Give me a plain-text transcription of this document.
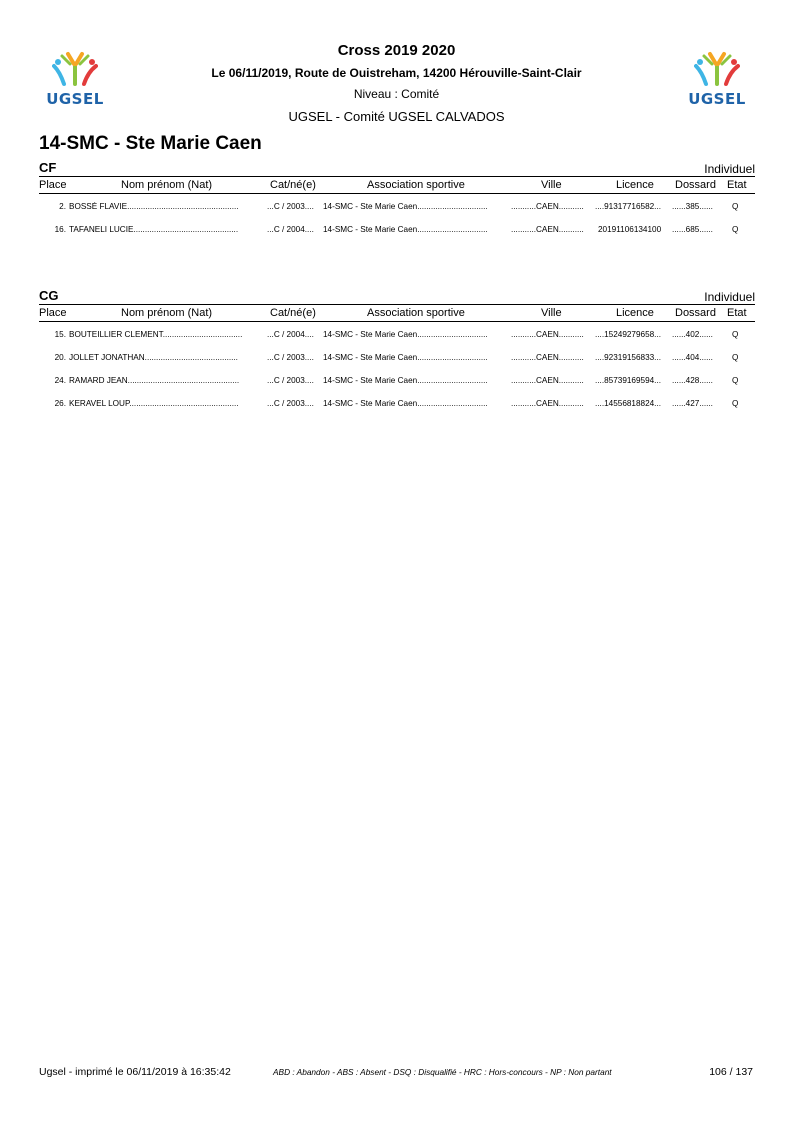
UGSEL	UGSEL
Cross 2019 2020
Le 06/11/2019, Route de Ouistreham, 14200 Hérouville-Saint-Clair
Niveau : Comité
UGSEL - Comité UGSEL CALVADOS
14-SMC - Ste Marie Caen
CF	Individuel
Place	Nom prénom (Nat)	Cat/né(e)	Association sportive	Ville	Licence Dossard Etat
2. BOSSÉ FLAVIE.................................................	...C / 2003....	14-SMC - Ste Marie Caen...............................	...........CAEN...........	....91317716582...	......385......	Q
16. TAFANELI LUCIE..............................................	...C / 2004....	14-SMC - Ste Marie Caen...............................	...........CAEN...........	20191106134100	......685......	Q
CG	Individuel
Place	Nom prénom (Nat)	Cat/né(e)	Association sportive	Ville	Licence Dossard Etat
15. BOUTEILLIER CLEMENT...................................	...C / 2004....	14-SMC - Ste Marie Caen...............................	...........CAEN...........	....15249279658...	......402......	Q
20. JOLLET JONATHAN.........................................	...C / 2003....	14-SMC - Ste Marie Caen...............................	...........CAEN...........	....92319156833...	......404......	Q
24. RAMARD JEAN.................................................	...C / 2003....	14-SMC - Ste Marie Caen...............................	...........CAEN...........	....85739169594...	......428......	Q
26. KERAVEL LOUP................................................	...C / 2003....	14-SMC - Ste Marie Caen...............................	...........CAEN...........	....14556818824...	......427......	Q
Ugsel - imprimé le 06/11/2019 à 16:35:42	ABD : Abandon - ABS : Absent - DSQ : Disqualifié - HRC : Hors-concours - NP : Non partant	106 / 137
